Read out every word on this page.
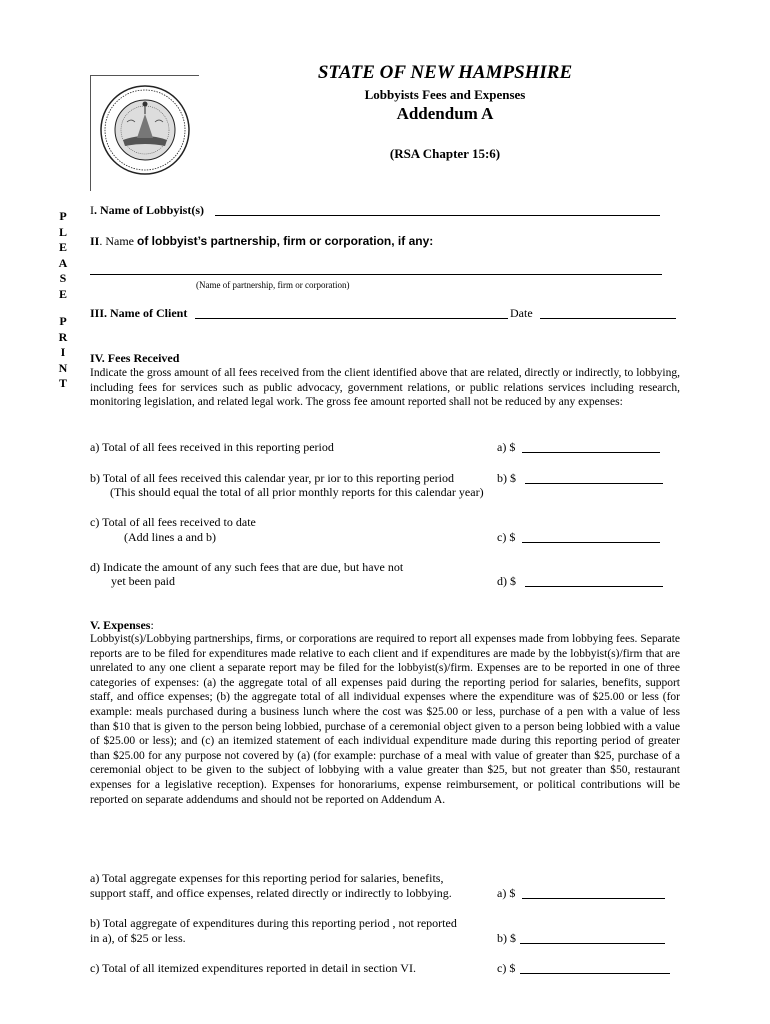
STATE OF NEW HAMPSHIRE
Lobbyists Fees and Expenses
Addendum A
(RSA Chapter 15:6)
P
L
E
A
S
E
P
R
I
N
T
I. Name of Lobbyist(s)
II. Name of lobbyist’s partnership, firm or corporation, if any:
(Name of partnership, firm or corporation)
III. Name of Client	Date
IV. Fees Received
Indicate the gross amount of all fees received from the client identified above that are related, directly or indirectly, to lobbying, including fees for services such as public advocacy, government relations, or public relations services including research, monitoring legislation, and related legal work. The gross fee amount reported shall not be reduced by any expenses:
a) Total of all fees received in this reporting period	a) $
b) Total of all fees received this calendar year, pr ior to this reporting period	b) $
(This should equal the total of all prior monthly reports for this calendar year)
c) Total of all fees received to date
(Add lines a and b)	c) $
d) Indicate the amount of any such fees that are due, but have not
yet been paid	d) $
V. Expenses:
Lobbyist(s)/Lobbying partnerships, firms, or corporations are required to report all expenses made from lobbying fees. Separate reports are to be filed for expenditures made relative to each client and if expenditures are made by the lobbyist(s)/firm that are unrelated to any one client a separate report may be filed for the lobbyist(s)/firm. Expenses are to be reported in one of three categories of expenses: (a) the aggregate total of all expenses paid during the reporting period for salaries, benefits, support staff, and office expenses; (b) the aggregate total of all individual expenses where the expenditure was of $25.00 or less (for example: meals purchased during a business lunch where the cost was $25.00 or less, purchase of a pen with a value of less than $10 that is given to the person being lobbied, purchase of a ceremonial object given to a person being lobbied with a value of $25.00 or less); and (c) an itemized statement of each individual expenditure made during this reporting period of greater than $25.00 for any purpose not covered by (a) (for example: purchase of a meal with value of greater than $25, purchase of a ceremonial object to be given to the subject of lobbying with a value greater than $25, but not greater than $50, restaurant expenses for a legislative reception). Expenses for honorariums, expense reimbursement, or political contributions will be reported on separate addendums and should not be reported on Addendum A.
a) Total aggregate expenses for this reporting period for salaries, benefits,
support staff, and office expenses, related directly or indirectly to lobbying.	a) $
b) Total aggregate of expenditures during this reporting period , not reported
in a), of $25 or less.	b) $
c) Total of all itemized expenditures reported in detail in section VI.	c) $
